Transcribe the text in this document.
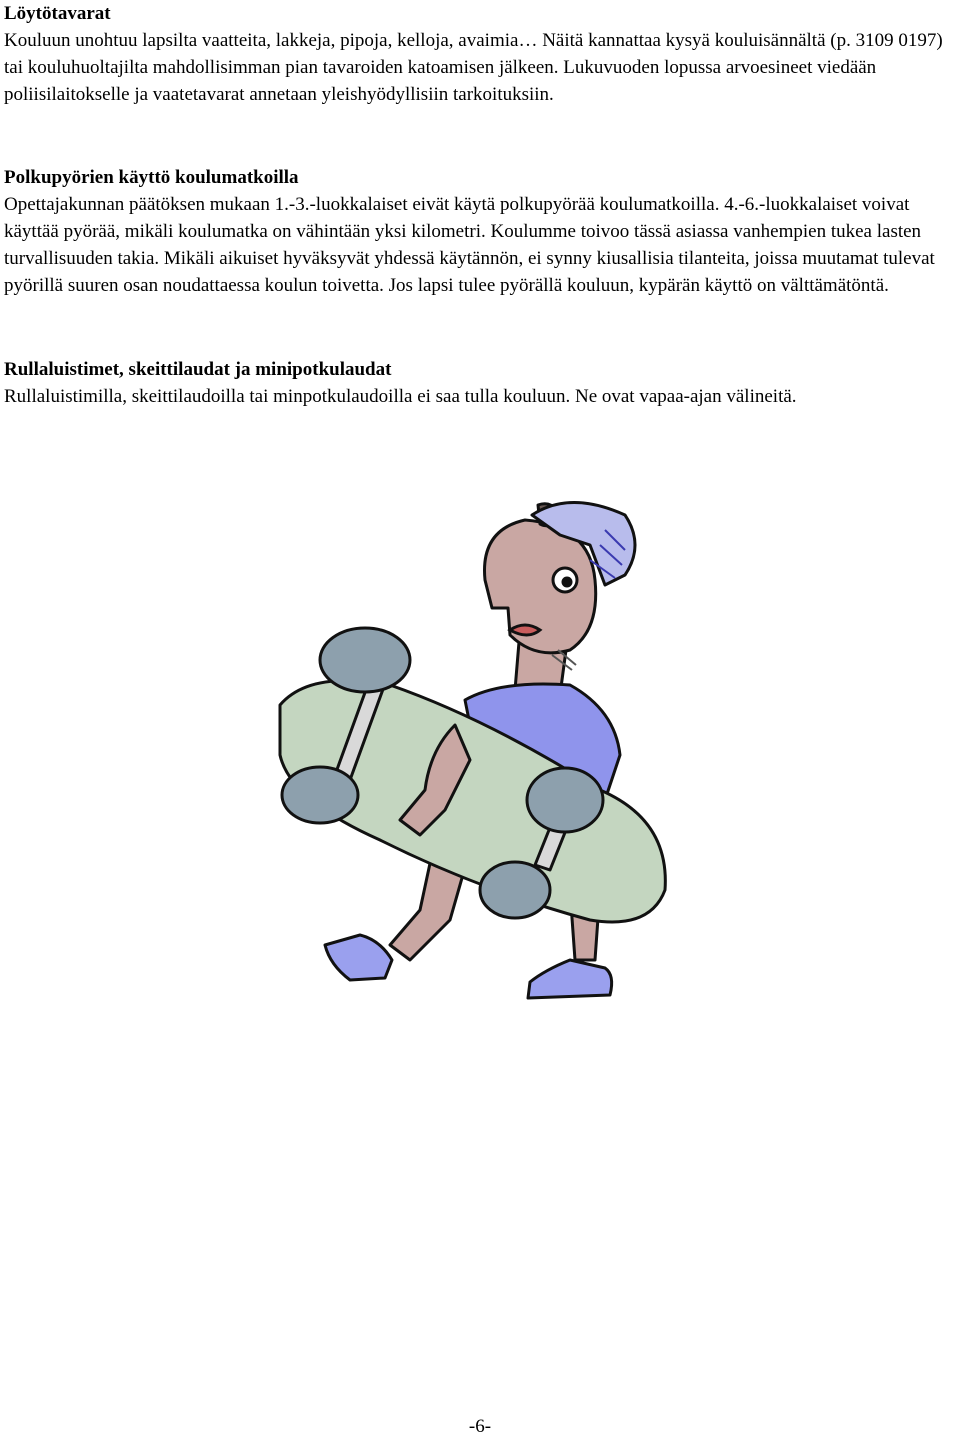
Löytötavarat

Kouluun unohtuu lapsilta vaatteita, lakkeja, pipoja, kelloja, avaimia… Näitä kannattaa kysyä kouluisännältä (p. 3109 0197) tai kouluhuoltajilta mahdollisimman pian tavaroiden katoamisen jälkeen. Lukuvuoden lopussa arvoesineet viedään poliisilaitokselle ja vaatetavarat annetaan yleishyödyllisiin tarkoituksiin.

Polkupyörien käyttö koulumatkoilla

Opettajakunnan päätöksen mukaan 1.-3.-luokkalaiset eivät käytä polkupyörää koulumatkoilla. 4.-6.-luokkalaiset voivat käyttää pyörää, mikäli koulumatka on vähintään yksi kilometri. Koulumme toivoo tässä asiassa vanhempien tukea lasten turvallisuuden takia. Mikäli aikuiset hyväksyvät yhdessä käytännön, ei synny kiusallisia tilanteita, joissa muutamat tulevat pyörillä suuren osan noudattaessa koulun toivetta. Jos lapsi tulee pyörällä kouluun, kypärän käyttö on välttämätöntä.

Rullaluistimet, skeittilaudat ja minipotkulaudat

Rullaluistimilla, skeittilaudoilla tai minpotkulaudoilla ei saa tulla kouluun. Ne ovat vapaa-ajan välineitä.

-6-
